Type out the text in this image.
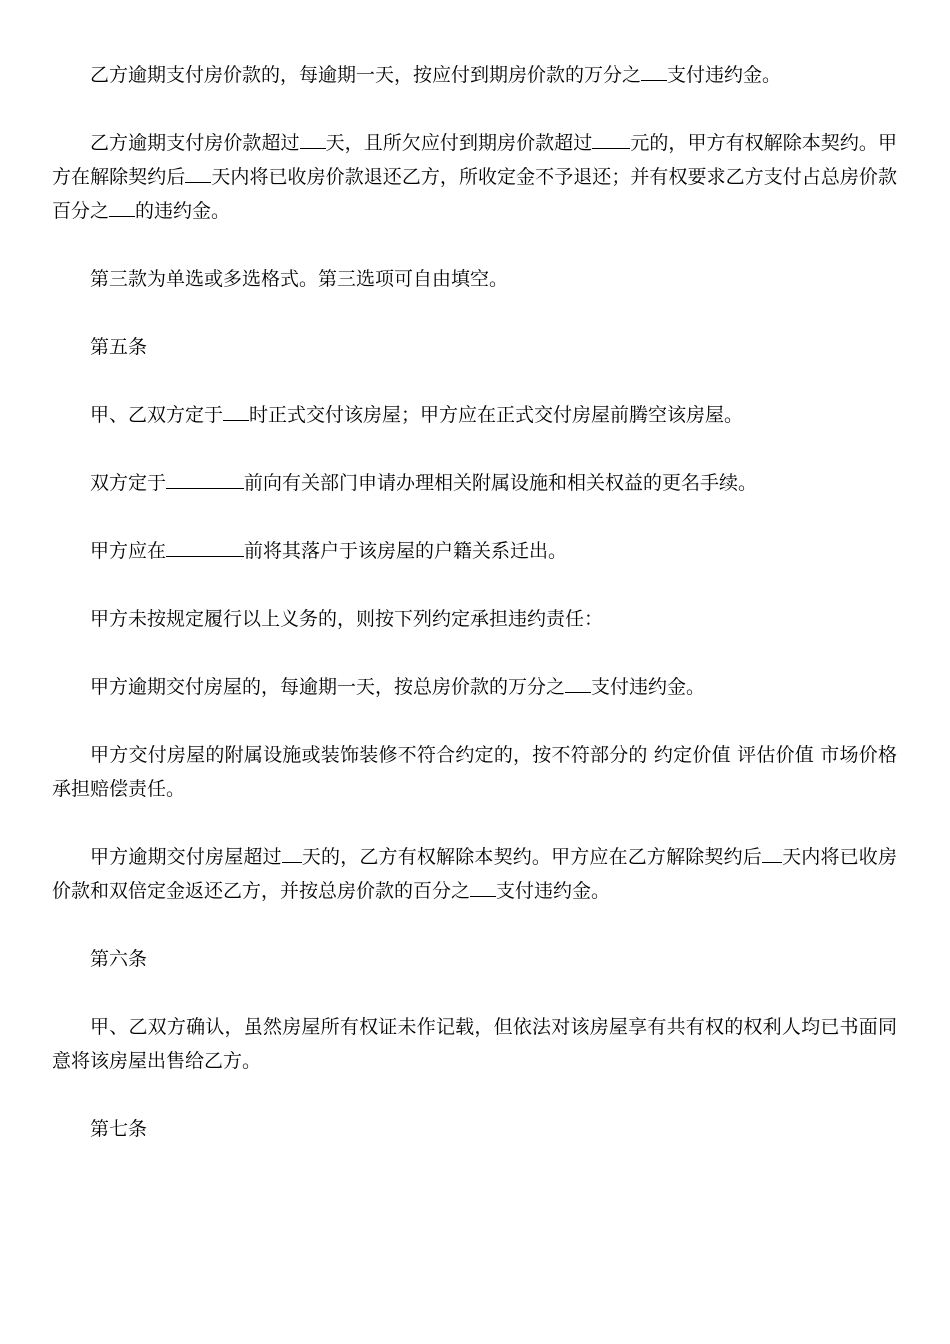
乙方逾期支付房价款的，每逾期一天，按应付到期房价款的万分之 支付违约金。

乙方逾期支付房价款超过 天，且所欠应付到期房价款超过 元的，甲方有权解除本契约。甲方在解除契约后 天内将已收房价款退还乙方，所收定金不予退还；并有权要求乙方支付占总房价款百分之 的违约金。

第三款为单选或多选格式。第三选项可自由填空。

第五条

甲、乙双方定于 时正式交付该房屋；甲方应在正式交付房屋前腾空该房屋。

双方定于	前向有关部门申请办理相关附属设施和相关权益的更名手续。

甲方应在	前将其落户于该房屋的户籍关系迁出。

甲方未按规定履行以上义务的，则按下列约定承担违约责任：

甲方逾期交付房屋的，每逾期一天，按总房价款的万分之 支付违约金。

甲方交付房屋的附属设施或装饰装修不符合约定的，按不符部分的 约定价值 评估价值 市场价格 承担赔偿责任。

甲方逾期交付房屋超过 天的，乙方有权解除本契约。甲方应在乙方解除契约后 天内将已收房价款和双倍定金返还乙方，并按总房价款的百分之 支付违约金。

第六条

甲、乙双方确认，虽然房屋所有权证未作记载，但依法对该房屋享有共有权的权利人均已书面同意将该房屋出售给乙方。

第七条
